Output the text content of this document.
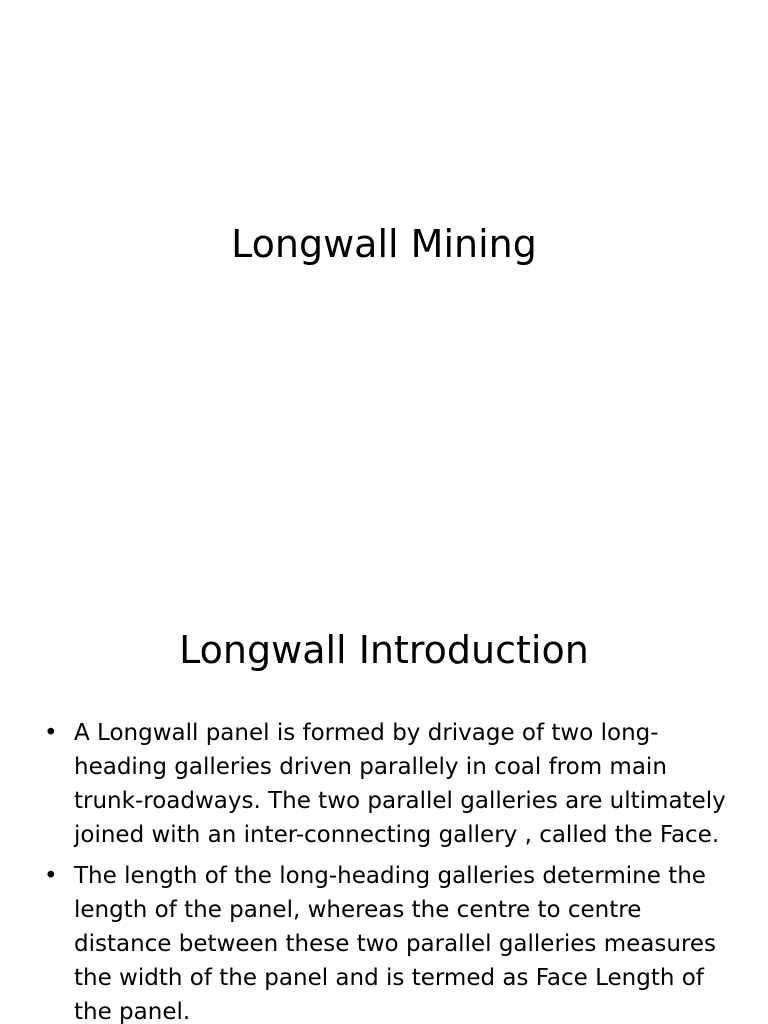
Longwall Mining
Longwall Introduction
• A Longwall panel is formed by drivage of two long-heading galleries driven parallely in coal from main trunk-roadways. The two parallel galleries are ultimately joined with an inter-connecting gallery , called the Face.
• The length of the long-heading galleries determine the length of the panel, whereas the centre to centre distance between these two parallel galleries measures the width of the panel and is termed as Face Length of the panel.
